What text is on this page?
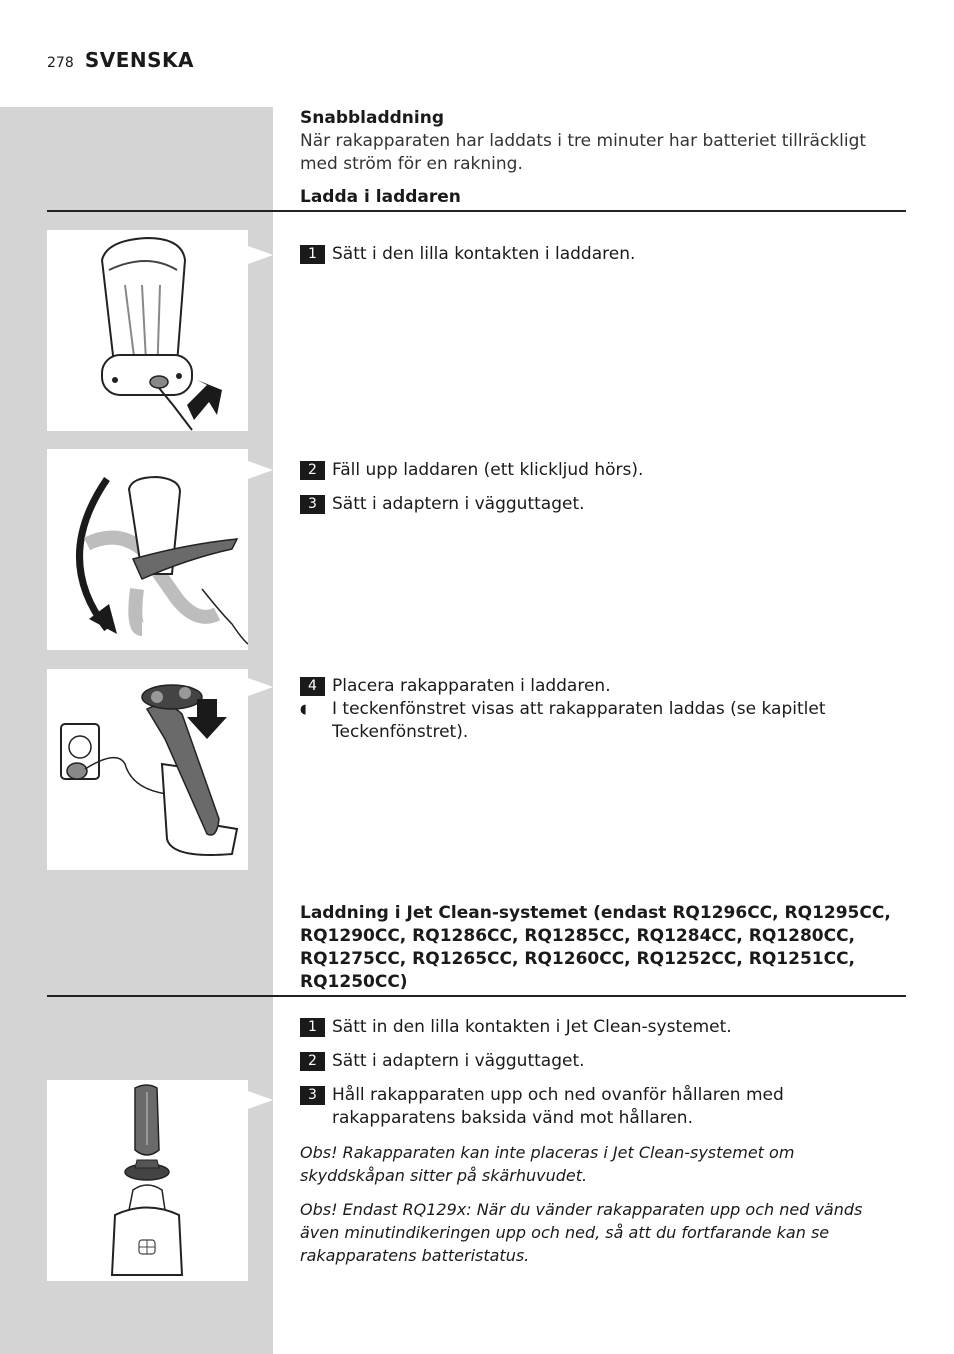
278 SVENSKA
Snabbladdning
När rakapparaten har laddats i tre minuter har batteriet tillräckligt med ström för en rakning.
Ladda i laddaren
1 Sätt i den lilla kontakten i laddaren.
2 Fäll upp laddaren (ett klickljud hörs).
3 Sätt i adaptern i vägguttaget.
4 Placera rakapparaten i laddaren.
◖	I teckenfönstret visas att rakapparaten laddas (se kapitlet Teckenfönstret).
Laddning i Jet Clean-systemet (endast RQ1296CC, RQ1295CC, RQ1290CC, RQ1286CC, RQ1285CC, RQ1284CC, RQ1280CC, RQ1275CC, RQ1265CC, RQ1260CC, RQ1252CC, RQ1251CC, RQ1250CC)
1 Sätt in den lilla kontakten i Jet Clean-systemet.
2 Sätt i adaptern i vägguttaget.
3 Håll rakapparaten upp och ned ovanför hållaren med rakapparatens baksida vänd mot hållaren.
Obs! Rakapparaten kan inte placeras i Jet Clean-systemet om skyddskåpan sitter på skärhuvudet.
Obs! Endast RQ129x: När du vänder rakapparaten upp och ned vänds även minutindikeringen upp och ned, så att du fortfarande kan se rakapparatens batteristatus.
